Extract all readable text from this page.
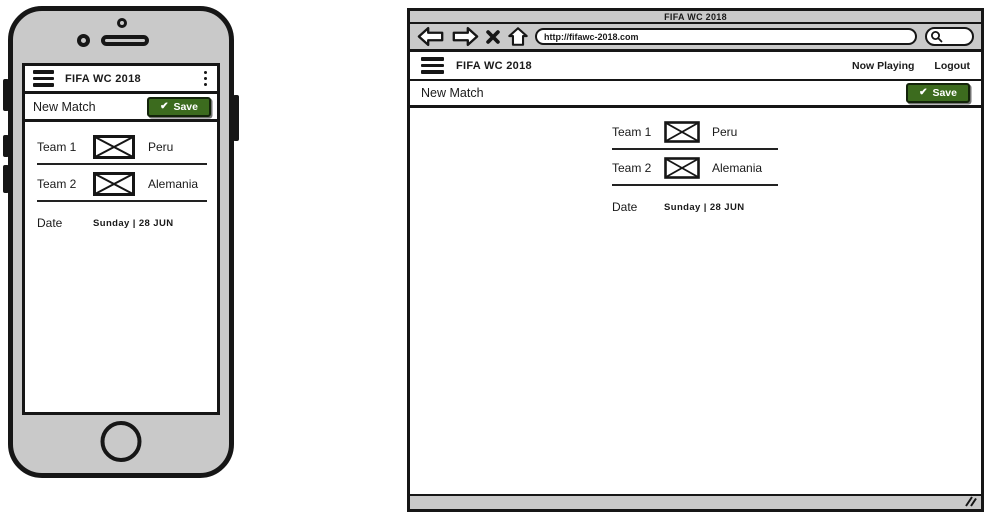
FIFA WC 2018
New Match	✔ Save
Team 1	Peru
Team 2	Alemania
Date	Sunday | 28 JUN
FIFA WC 2018
http://fifawc-2018.com
FIFA WC 2018	Now Playing Logout
New Match	✔ Save
Team 1	Peru
Team 2	Alemania
Date	Sunday | 28 JUN
